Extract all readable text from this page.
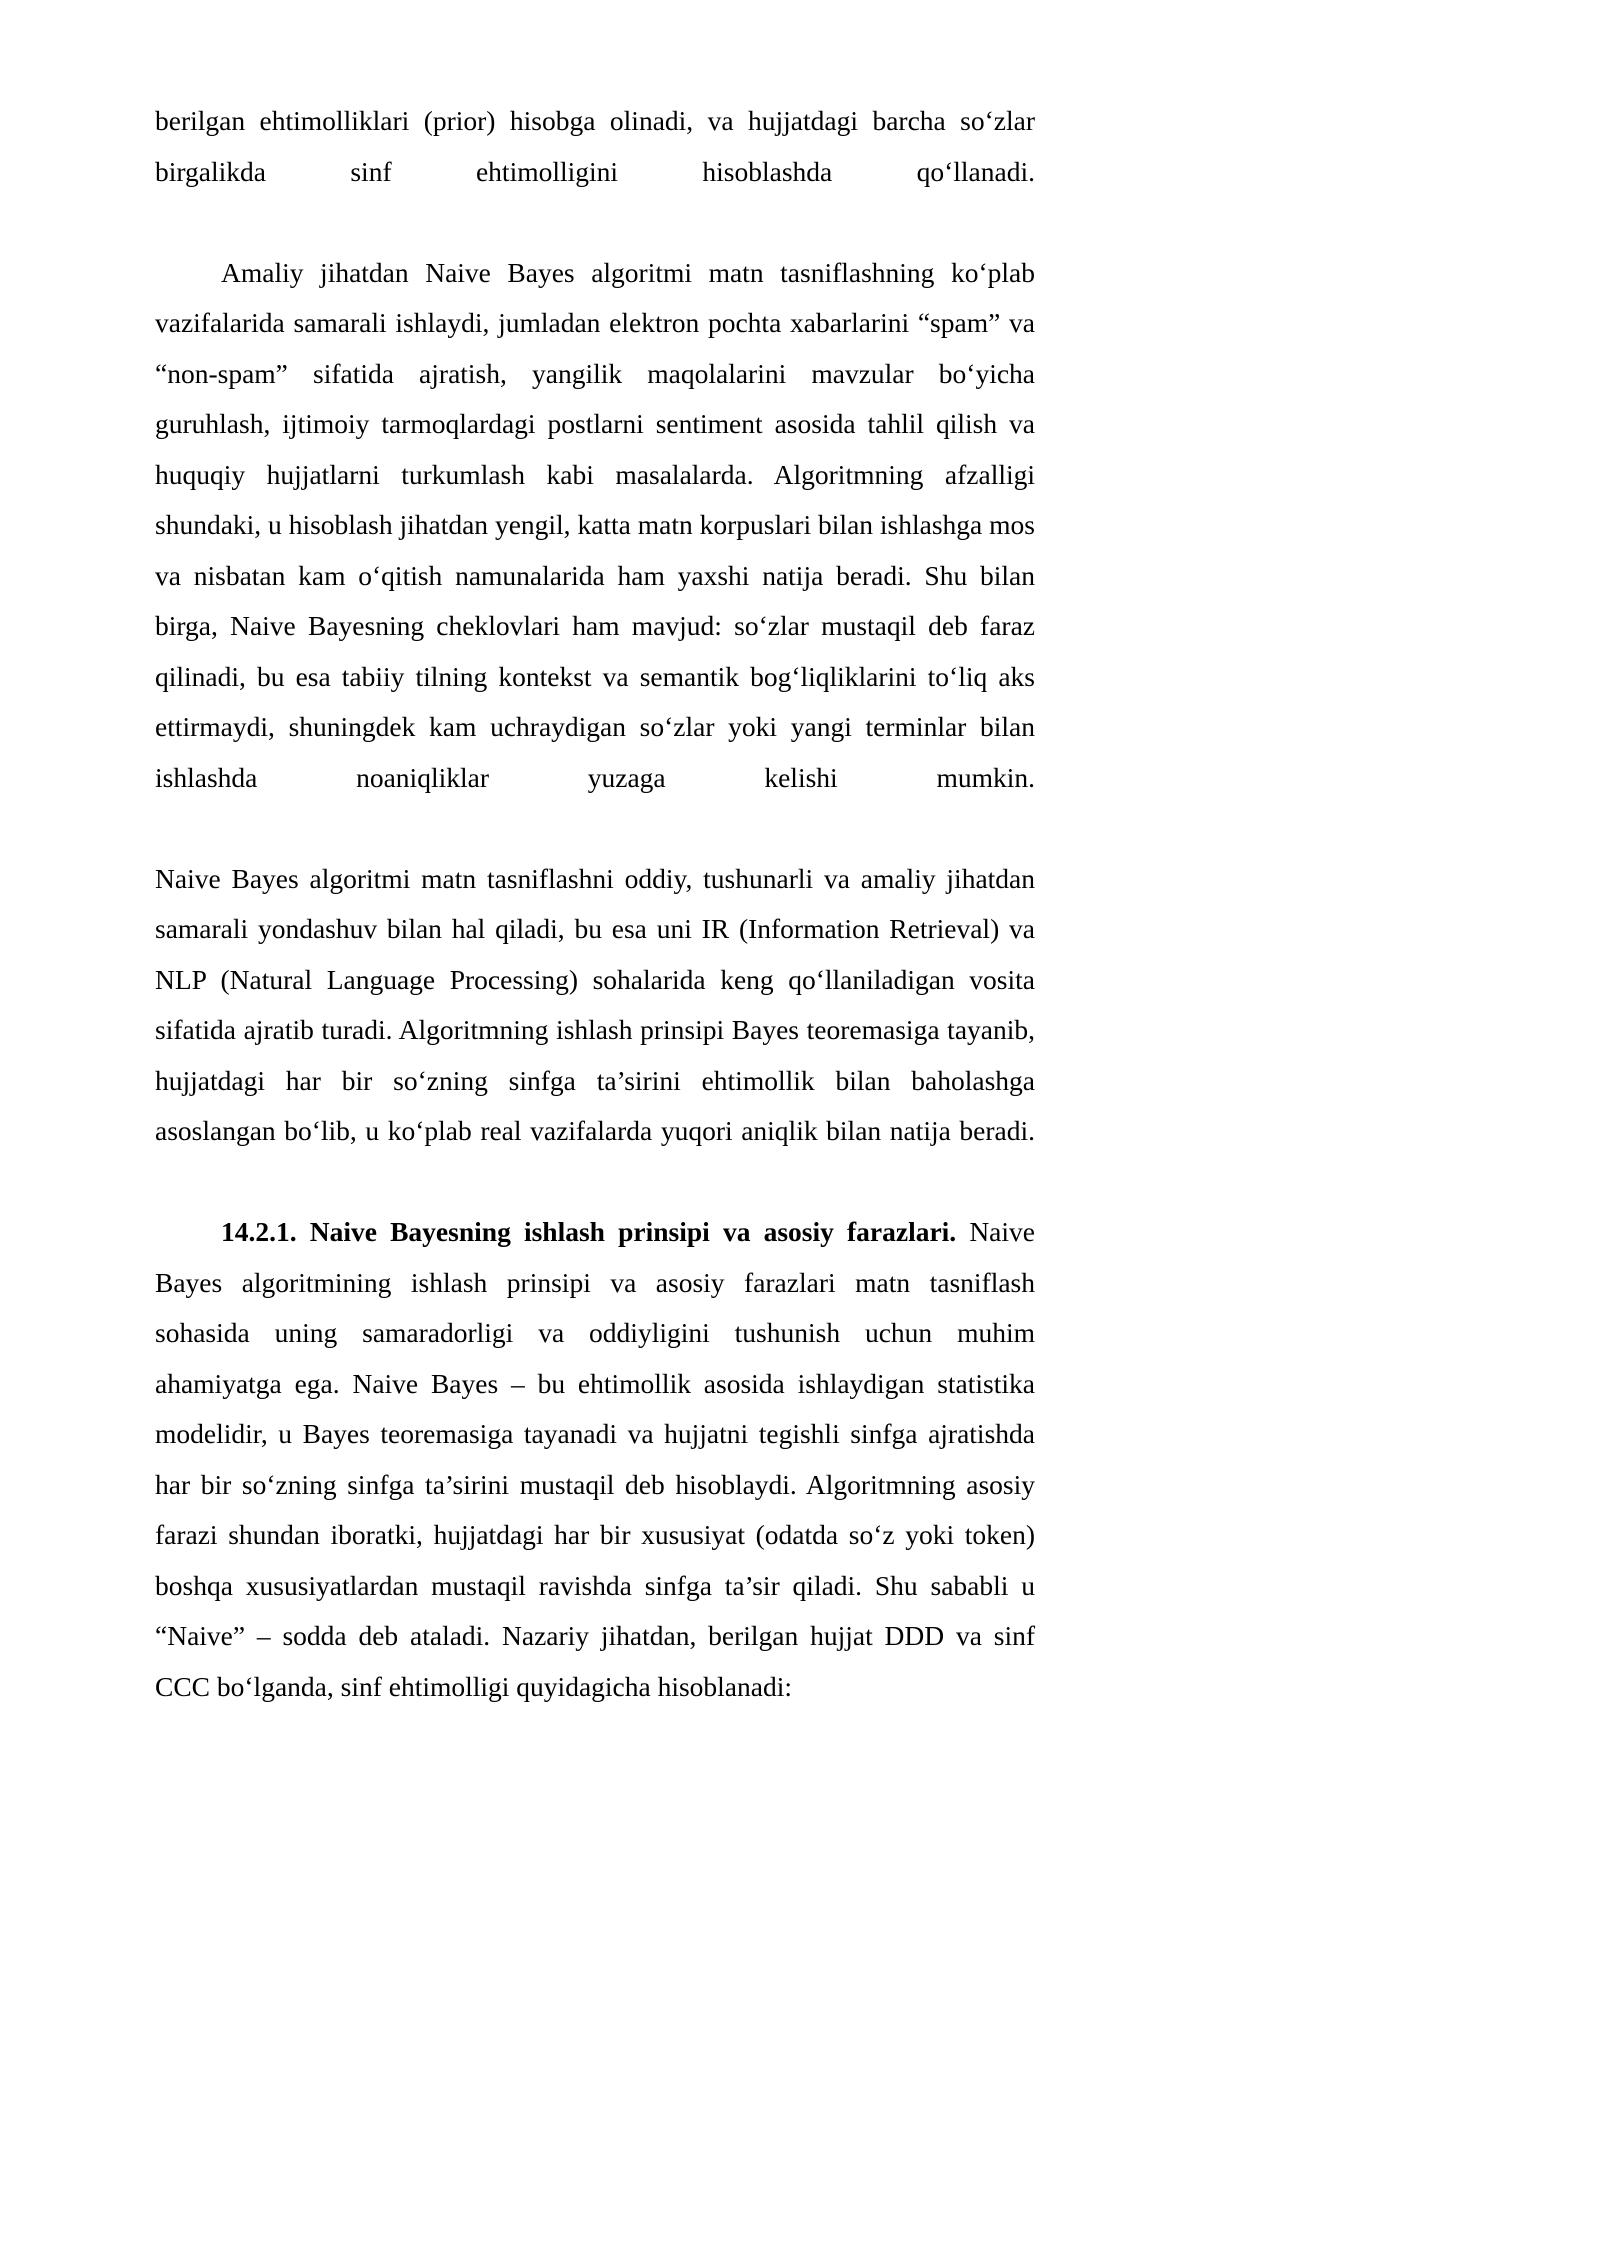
berilgan ehtimolliklari (prior) hisobga olinadi, va hujjatdagi barcha so‘zlar birgalikda sinf ehtimolligini hisoblashda qo‘llanadi.

Amaliy jihatdan Naive Bayes algoritmi matn tasniflashning ko‘plab vazifalarida samarali ishlaydi, jumladan elektron pochta xabarlarini “spam” va “non-spam” sifatida ajratish, yangilik maqolalarini mavzular bo‘yicha guruhlash, ijtimoiy tarmoqlardagi postlarni sentiment asosida tahlil qilish va huquqiy hujjatlarni turkumlash kabi masalalarda. Algoritmning afzalligi shundaki, u hisoblash jihatdan yengil, katta matn korpuslari bilan ishlashga mos va nisbatan kam o‘qitish namunalarida ham yaxshi natija beradi. Shu bilan birga, Naive Bayesning cheklovlari ham mavjud: so‘zlar mustaqil deb faraz qilinadi, bu esa tabiiy tilning kontekst va semantik bog‘liqliklarini to‘liq aks ettirmaydi, shuningdek kam uchraydigan so‘zlar yoki yangi terminlar bilan ishlashda noaniqliklar yuzaga kelishi mumkin.

Naive Bayes algoritmi matn tasniflashni oddiy, tushunarli va amaliy jihatdan samarali yondashuv bilan hal qiladi, bu esa uni IR (Information Retrieval) va NLP (Natural Language Processing) sohalarida keng qo‘llaniladigan vosita sifatida ajratib turadi. Algoritmning ishlash prinsipi Bayes teoremasiga tayanib, hujjatdagi har bir so‘zning sinfga ta’sirini ehtimollik bilan baholashga asoslangan bo‘lib, u ko‘plab real vazifalarda yuqori aniqlik bilan natija beradi.

14.2.1. Naive Bayesning ishlash prinsipi va asosiy farazlari. Naive Bayes algoritmining ishlash prinsipi va asosiy farazlari matn tasniflash sohasida uning samaradorligi va oddiyligini tushunish uchun muhim ahamiyatga ega. Naive Bayes – bu ehtimollik asosida ishlaydigan statistika modelidir, u Bayes teoremasiga tayanadi va hujjatni tegishli sinfga ajratishda har bir so‘zning sinfga ta’sirini mustaqil deb hisoblaydi. Algoritmning asosiy farazi shundan iboratki, hujjatdagi har bir xususiyat (odatda so‘z yoki token) boshqa xususiyatlardan mustaqil ravishda sinfga ta’sir qiladi. Shu sababli u “Naive” – sodda deb ataladi. Nazariy jihatdan, berilgan hujjat DDD va sinf CCC bo‘lganda, sinf ehtimolligi quyidagicha hisoblanadi:
